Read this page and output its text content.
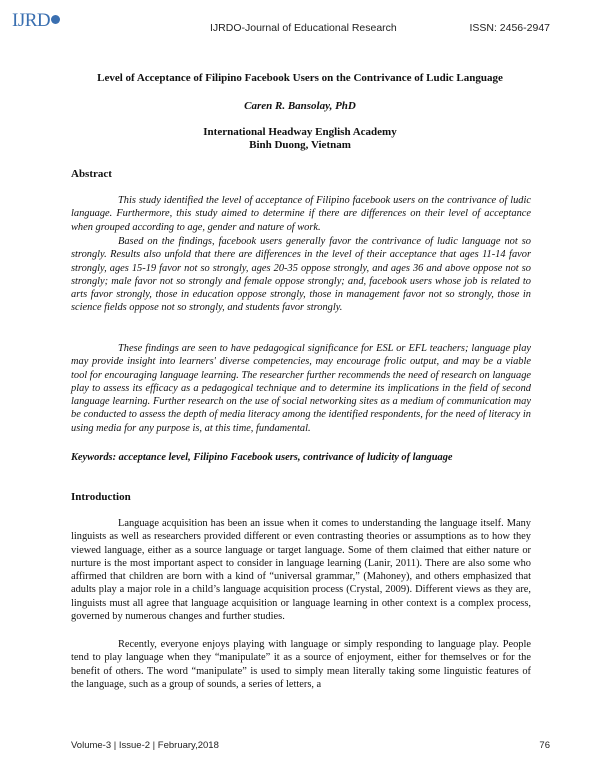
IJRD	IJRDO-Journal of Educational Research	ISSN: 2456-2947
Level of Acceptance of Filipino Facebook Users on the Contrivance of Ludic Language
Caren R. Bansolay, PhD
International Headway English Academy
Binh Duong, Vietnam
Abstract

This study identified the level of acceptance of Filipino facebook users on the contrivance of ludic language. Furthermore, this study aimed to determine if there are differences on their level of acceptance when grouped according to age, gender and nature of work.

Based on the findings, facebook users generally favor the contrivance of ludic language not so strongly. Results also unfold that there are differences in the level of their acceptance that ages 11-14 favor strongly, ages 15-19 favor not so strongly, ages 20-35 oppose strongly, and ages 36 and above oppose not so strongly; male favor not so strongly and female oppose strongly; and, facebook users whose job is related to arts favor strongly, those in education oppose strongly, those in management favor not so strongly, those in science fields oppose not so strongly, and students favor strongly.

These findings are seen to have pedagogical significance for ESL or EFL teachers; language play may provide insight into learners' diverse competencies, may encourage frolic output, and may be a viable tool for encouraging language learning. The researcher further recommends the need of research on language play to assess its efficacy as a pedagogical technique and to determine its implications in the field of second language learning. Further research on the use of social networking sites as a medium of communication may be conducted to assess the depth of media literacy among the identified respondents, for the need of literacy in using media for any purpose is, at this time, fundamental.

Keywords: acceptance level, Filipino Facebook users, contrivance of ludicity of language
Introduction

Language acquisition has been an issue when it comes to understanding the language itself. Many linguists as well as researchers provided different or even contrasting theories or assumptions as to how they viewed language, either as a source language or target language. Some of them claimed that either nature or nurture is the most important aspect to consider in language learning (Lanir, 2011). There are also some who affirmed that children are born with a kind of “universal grammar,” (Mahoney), and others emphasized that adults play a major role in a child’s language acquisition process (Crystal, 2009). Different views as they are, linguists must all agree that language acquisition or language learning in other context is a complex process, governed by numerous changes and further studies.

Recently, everyone enjoys playing with language or simply responding to language play. People tend to play language when they “manipulate” it as a source of enjoyment, either for themselves or for the benefit of others. The word “manipulate” is used to simply mean literally taking some linguistic features of the language, such as a group of sounds, a series of letters, a

Volume-3 | Issue-2 | February,2018	76
